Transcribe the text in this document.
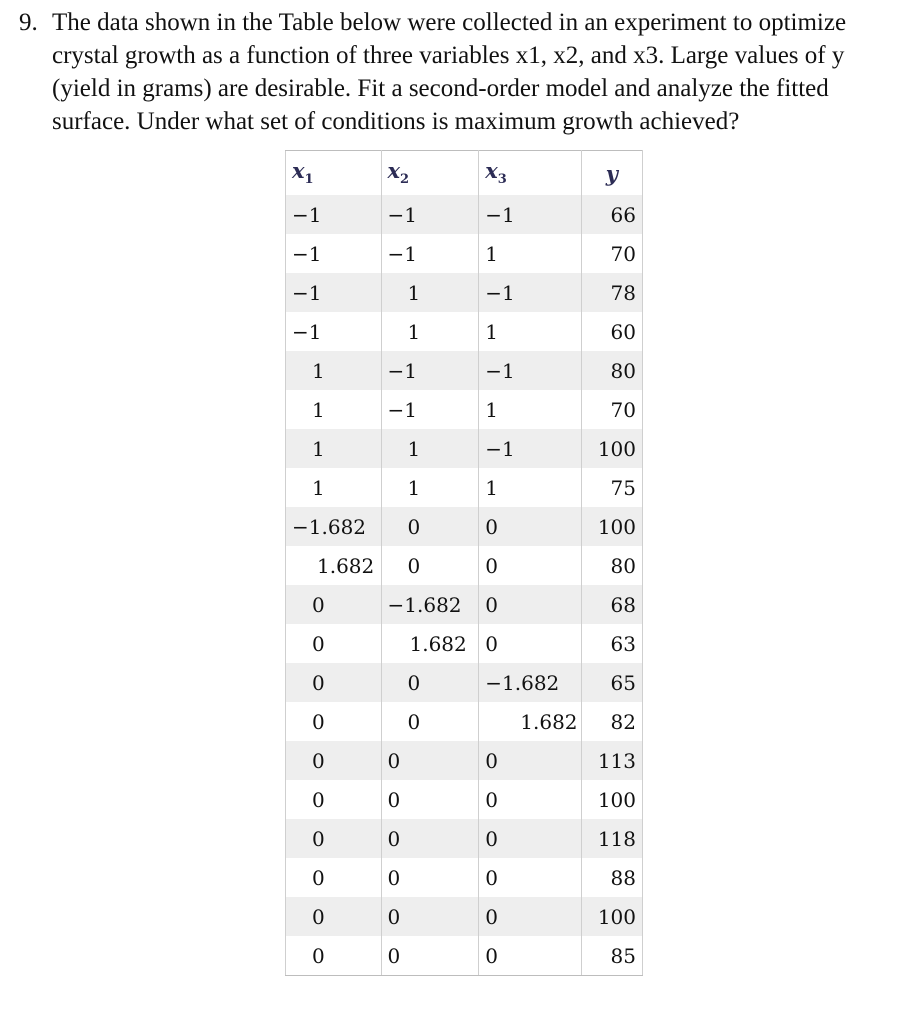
9. The data shown in the Table below were collected in an experiment to optimize crystal growth as a function of three variables x1, x2, and x3. Large values of y (yield in grams) are desirable. Fit a second-order model and analyze the fitted surface. Under what set of conditions is maximum growth achieved?
$x_1$	$x_2$	$x_3$	y
−1	−1	−1	66
−1	−1	1	70
−1	1	−1	78
−1	1	1	60
1	−1	−1	80
1	−1	1	70
1	1	−1	100
1	1	1	75
−1.682	0	0	100
1.682	0	0	80
0	−1.682	0	68
0	1.682	0	63
0	0	−1.682	65
0	0	1.682	82
0	0	0	113
0	0	0	100
0	0	0	118
0	0	0	88
0	0	0	100
0	0	0	85
